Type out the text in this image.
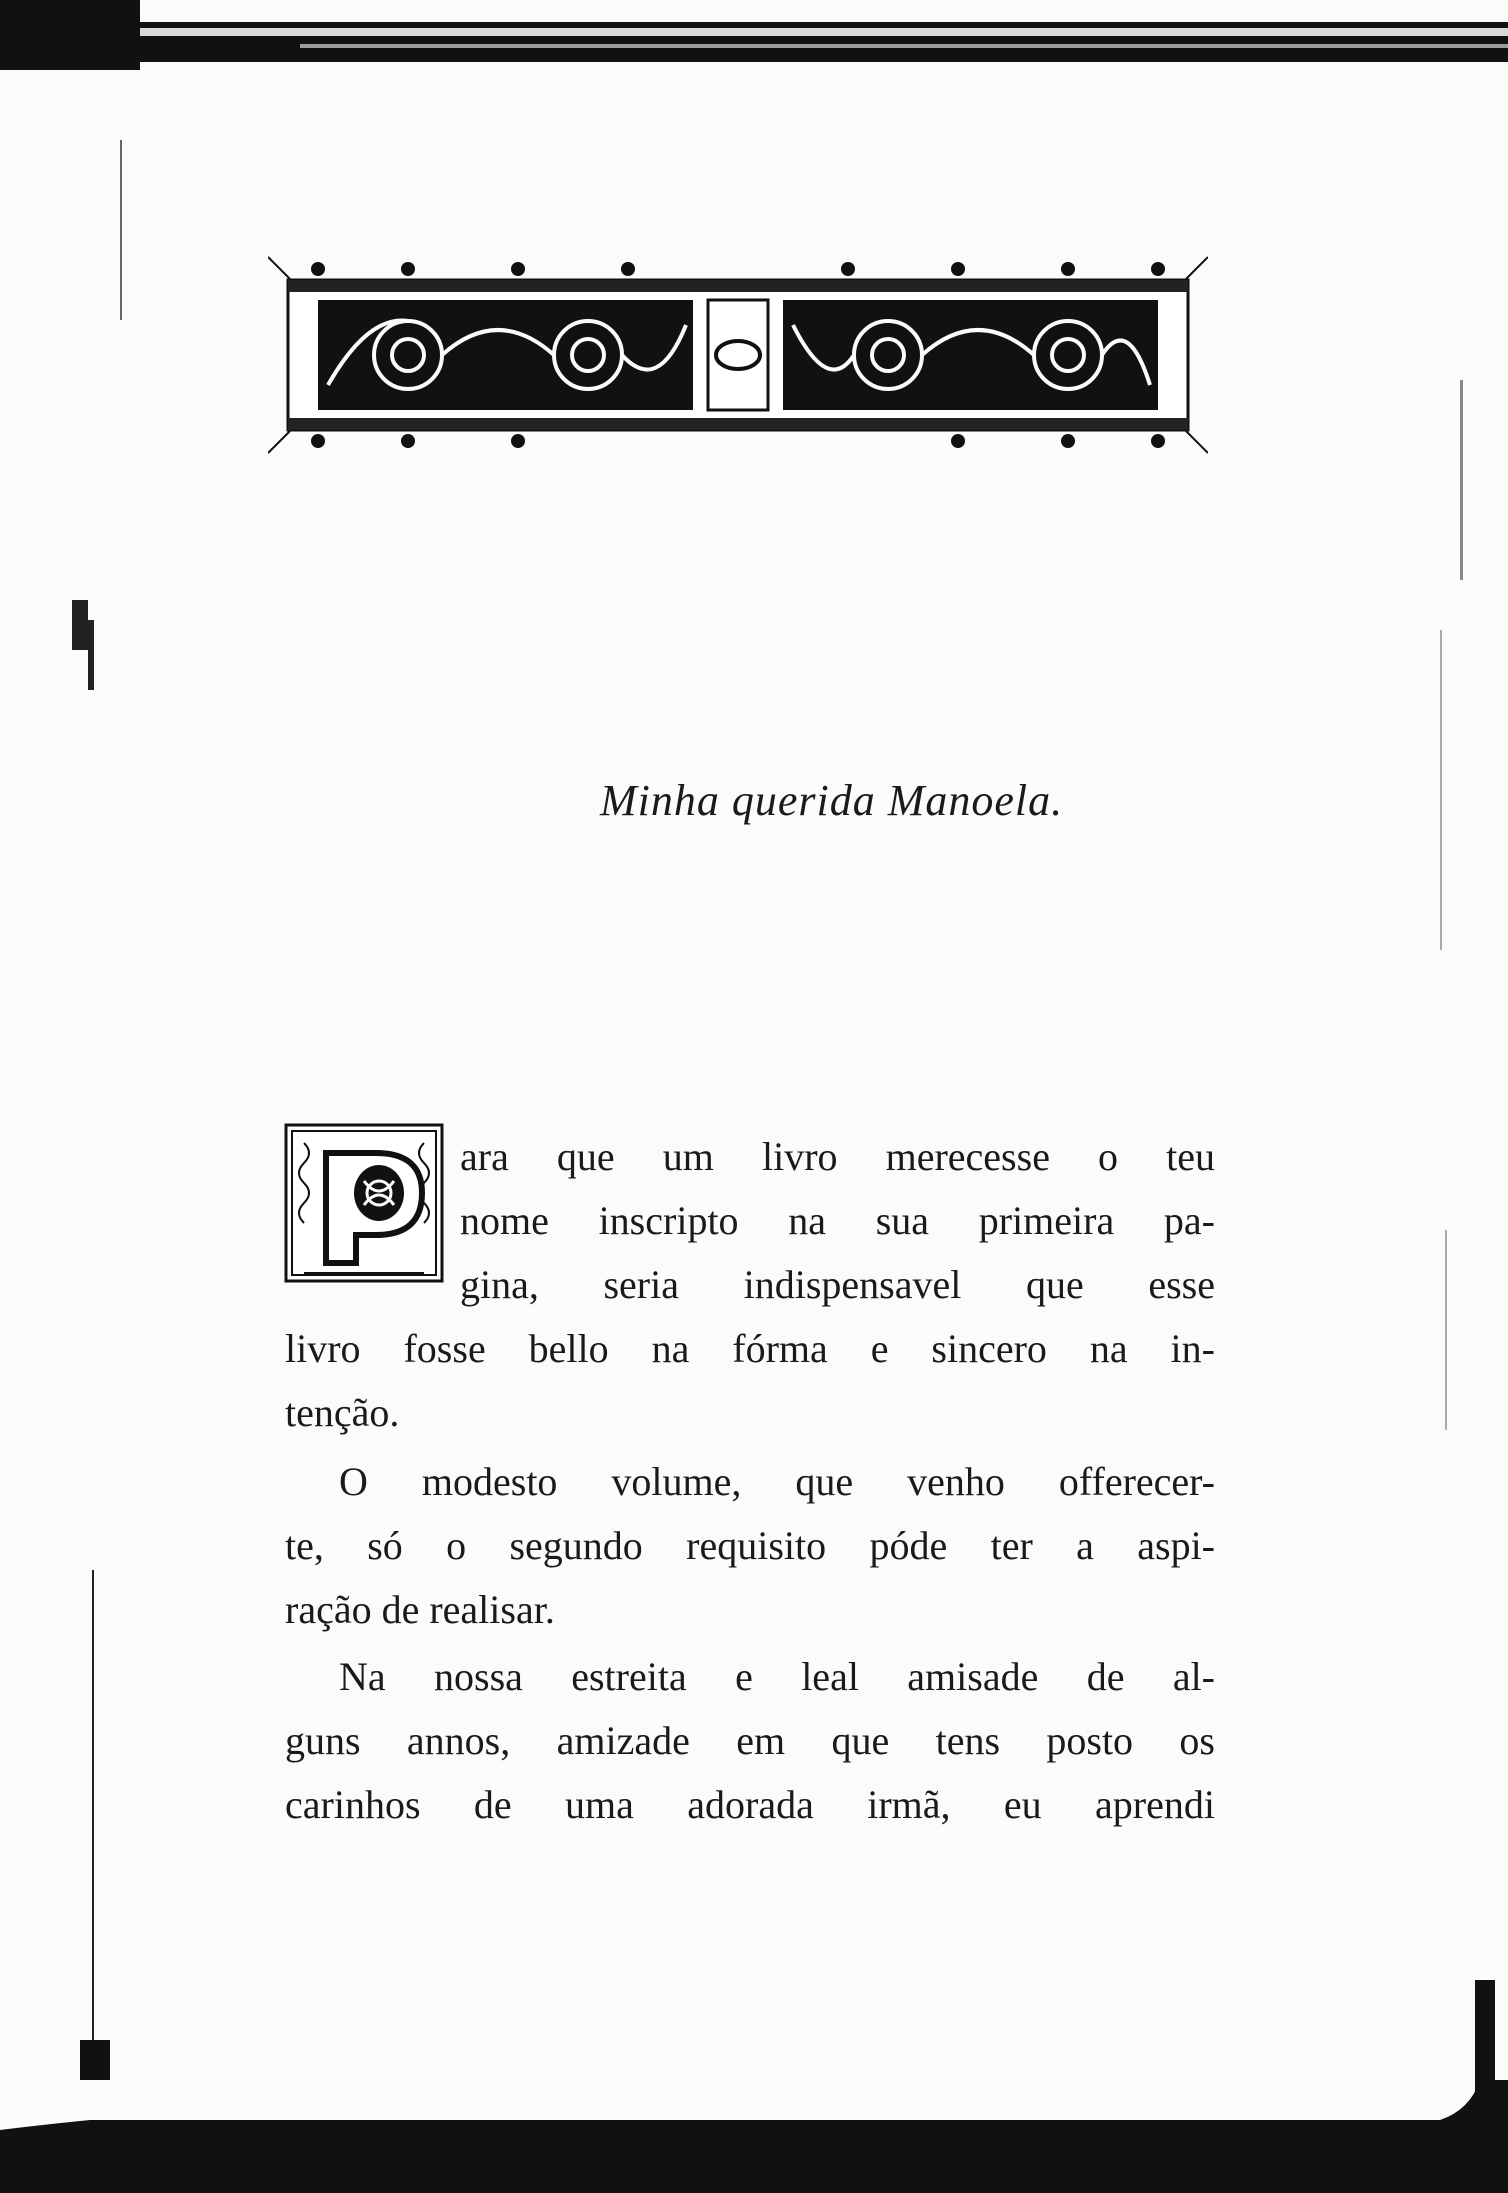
Minha querida Manoela.
ara que um livro merecesse o teu
nome inscripto na sua primeira pa-
gina, seria indispensavel que esse
livro fosse bello na fórma e sincero na in-
tenção.
O modesto volume, que venho offerecer-
te, só o segundo requisito póde ter a aspi-
ração de realisar.
Na nossa estreita e leal amisade de al-
guns annos, amizade em que tens posto os
carinhos de uma adorada irmã, eu aprendi
